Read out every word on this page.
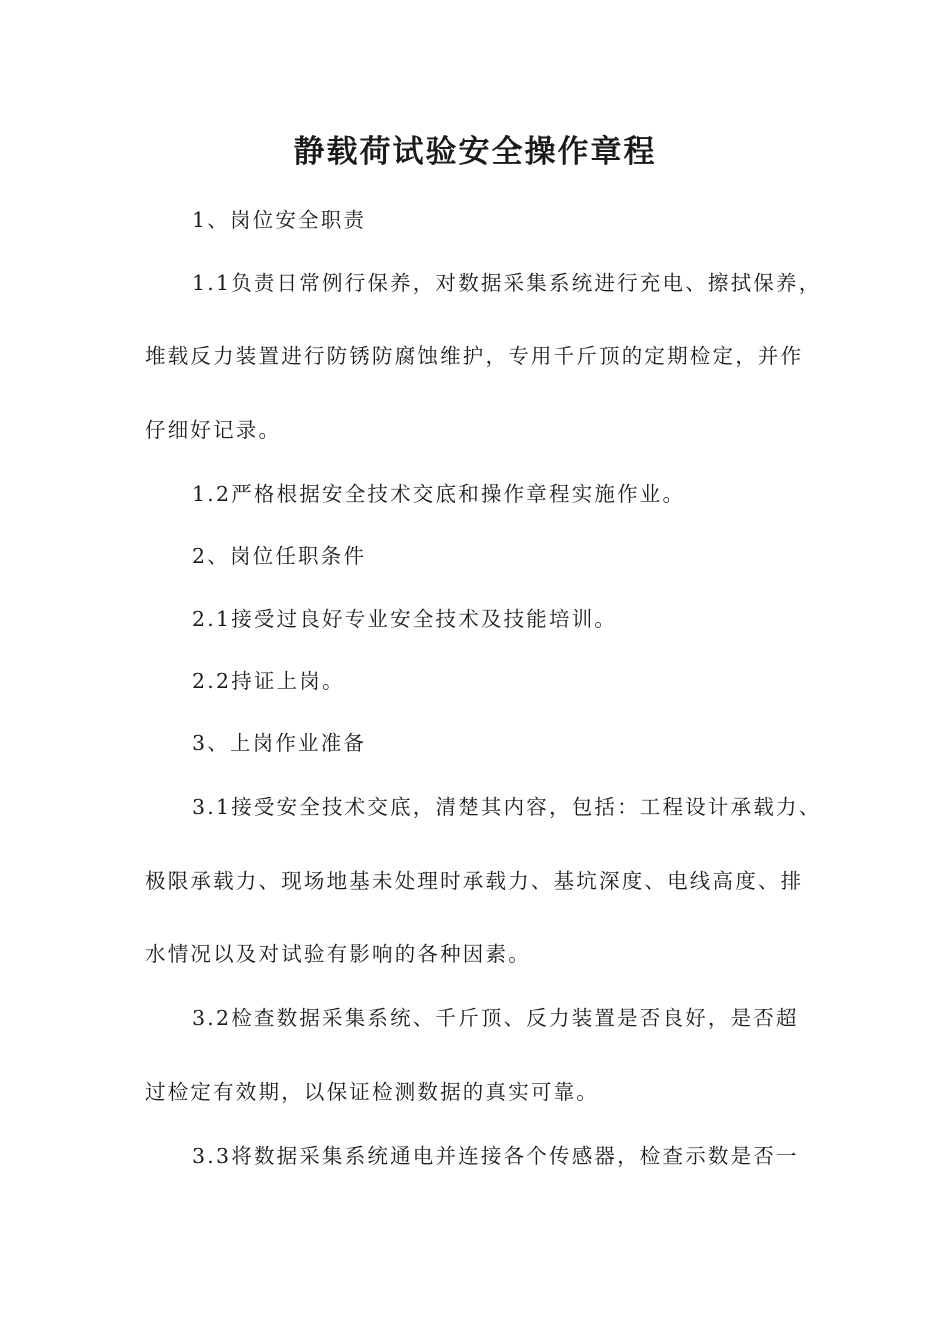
静载荷试验安全操作章程
1、岗位安全职责
1.1负责日常例行保养，对数据采集系统进行充电、擦拭保养，
堆载反力装置进行防锈防腐蚀维护，专用千斤顶的定期检定，并作
仔细好记录。
1.2严格根据安全技术交底和操作章程实施作业。
2、岗位任职条件
2.1接受过良好专业安全技术及技能培训。
2.2持证上岗。
3、上岗作业准备
3.1接受安全技术交底，清楚其内容，包括：工程设计承载力、
极限承载力、现场地基未处理时承载力、基坑深度、电线高度、排
水情况以及对试验有影响的各种因素。
3.2检查数据采集系统、千斤顶、反力装置是否良好，是否超
过检定有效期，以保证检测数据的真实可靠。
3.3将数据采集系统通电并连接各个传感器，检查示数是否一
